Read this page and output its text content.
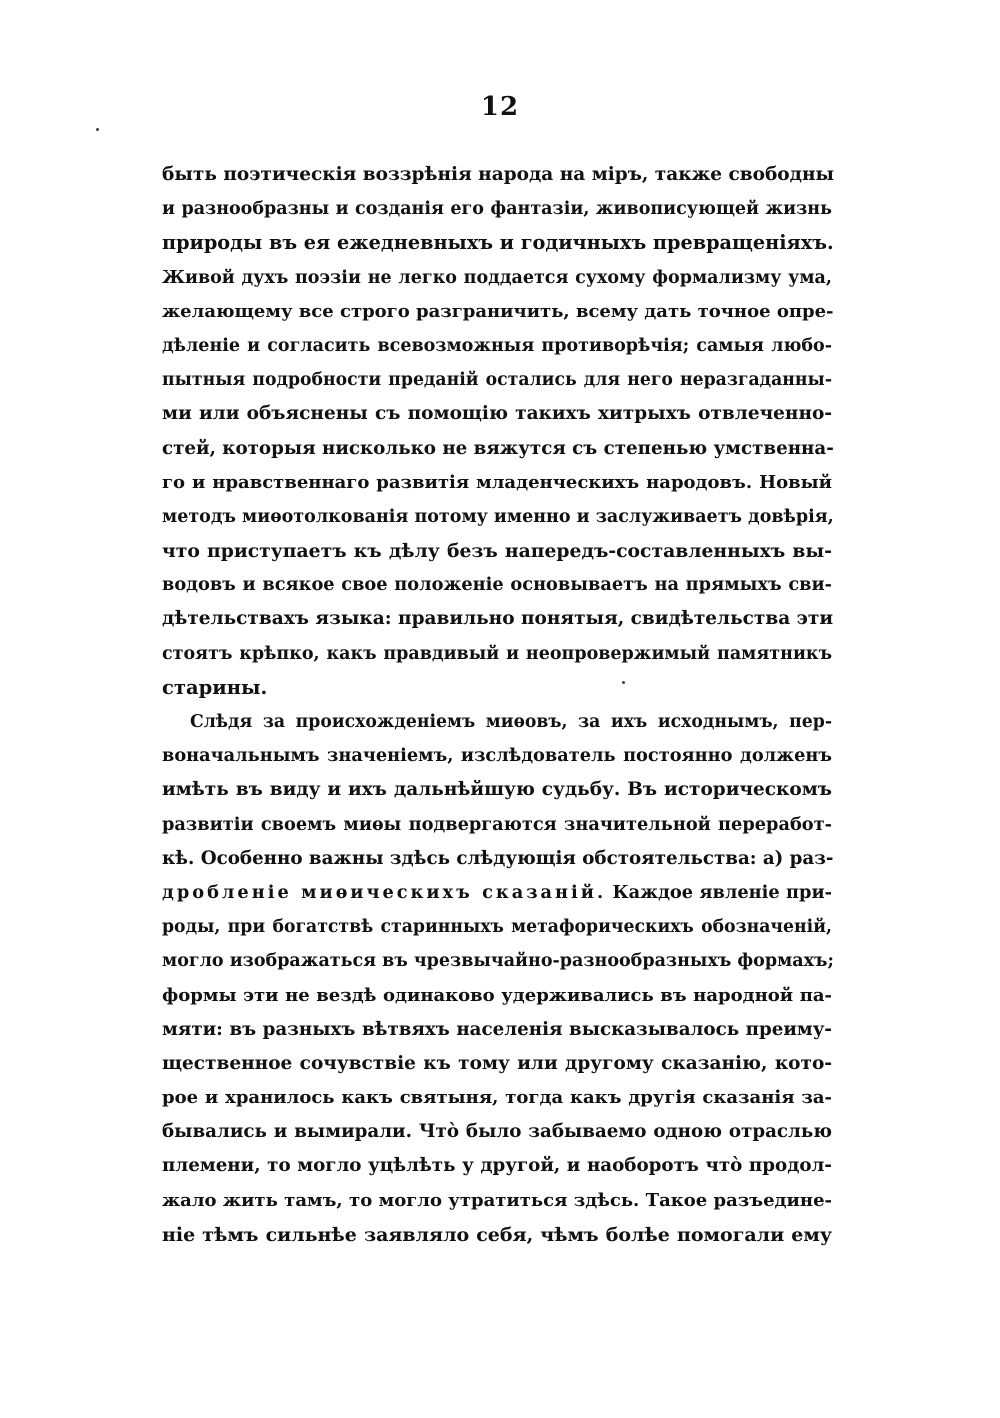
12
быть поэтическія воззрѣнія народа на міръ, также свободны
и разнообразны и созданія его фантазіи, живописующей жизнь
природы въ ея ежедневныхъ и годичныхъ превращеніяхъ.
Живой духъ поэзіи не легко поддается сухому формализму ума,
желающему все строго разграничить, всему дать точное опре-
дѣленіе и согласить всевозможныя противорѣчія; самыя любо-
пытныя подробности преданій остались для него неразгаданны-
ми или объяснены съ помощію такихъ хитрыхъ отвлеченно-
стей, которыя нисколько не вяжутся съ степенью умственна-
го и нравственнаго развитія младенческихъ народовъ. Новый
методъ миѳотолкованія потому именно и заслуживаетъ довѣрія,
что приступаетъ къ дѣлу безъ напередъ-составленныхъ вы-
водовъ и всякое свое положеніе основываетъ на прямыхъ сви-
дѣтельствахъ языка: правильно понятыя, свидѣтельства эти
стоятъ крѣпко, какъ правдивый и неопровержимый памятникъ
старины.
Слѣдя за происхожденіемъ миѳовъ, за ихъ исходнымъ, пер-
воначальнымъ значеніемъ, изслѣдователь постоянно долженъ
имѣть въ виду и ихъ дальнѣйшую судьбу. Въ историческомъ
развитіи своемъ миѳы подвергаются значительной переработ-
кѣ. Особенно важны здѣсь слѣдующія обстоятельства: а) раз-
дробленіе миѳическихъ сказаній. Каждое явленіе при-
роды, при богатствѣ старинныхъ метафорическихъ обозначеній,
могло изображаться въ чрезвычайно-разнообразныхъ формахъ;
формы эти не вездѣ одинаково удерживались въ народной па-
мяти: въ разныхъ вѣтвяхъ населенія высказывалось преиму-
щественное сочувствіе къ тому или другому сказанію, кото-
рое и хранилось какъ святыня, тогда какъ другія сказанія за-
бывались и вымирали. Что̀ было забываемо одною отраслью
племени, то могло уцѣлѣть у другой, и наоборотъ что̀ продол-
жало жить тамъ, то могло утратиться здѣсь. Такое разъедине-
ніе тѣмъ сильнѣе заявляло себя, чѣмъ болѣе помогали ему
